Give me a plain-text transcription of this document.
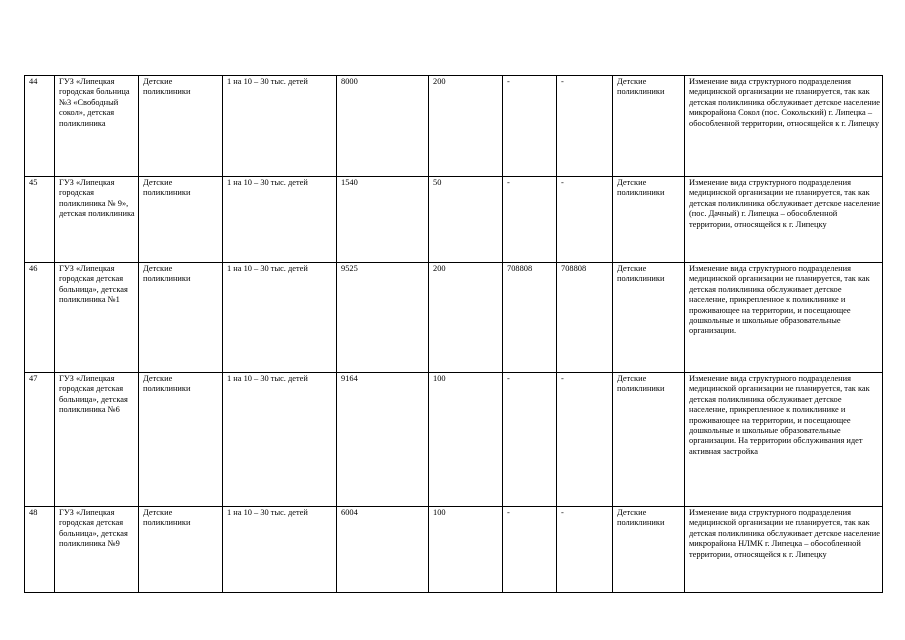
44	ГУЗ «Липецкая городская больница №3 «Свободный сокол», детская поликлиника	Детские поликлиники	1 на 10 – 30 тыс. детей	8000	200	-	-	Детские поликлиники	Изменение вида структурного подразделения медицинской организации не планируется, так как детская поликлиника обслуживает детское население микрорайона Сокол (пос. Сокольский) г. Липецка – обособленной территории, относящейся к г. Липецку
45	ГУЗ «Липецкая городская поликлиника № 9», детская поликлиника	Детские поликлиники	1 на 10 – 30 тыс. детей	1540	50	-	-	Детские поликлиники	Изменение вида структурного подразделения медицинской организации не планируется, так как детская поликлиника обслуживает детское население (пос. Дачный) г. Липецка – обособленной территории, относящейся к г. Липецку
46	ГУЗ «Липецкая городская детская больница», детская поликлиника №1	Детские поликлиники	1 на 10 – 30 тыс. детей	9525	200	708808	708808	Детские поликлиники	Изменение вида структурного подразделения медицинской организации не планируется, так как детская поликлиника обслуживает детское население, прикрепленное к поликлинике и проживающее на территории, и посещающее дошкольные и школьные образовательные организации.
47	ГУЗ «Липецкая городская детская больница», детская поликлиника №6	Детские поликлиники	1 на 10 – 30 тыс. детей	9164	100	-	-	Детские поликлиники	Изменение вида структурного подразделения медицинской организации не планируется, так как детская поликлиника обслуживает детское население, прикрепленное к поликлинике и проживающее на территории, и посещающее дошкольные и школьные образовательные организации. На территории обслуживания идет активная застройка
48	ГУЗ «Липецкая городская детская больница», детская поликлиника №9	Детские поликлиники	1 на 10 – 30 тыс. детей	6004	100	-	-	Детские поликлиники	Изменение вида структурного подразделения медицинской организации не планируется, так как детская поликлиника обслуживает детское население микрорайона НЛМК г. Липецка – обособленной территории, относящейся к г. Липецку
